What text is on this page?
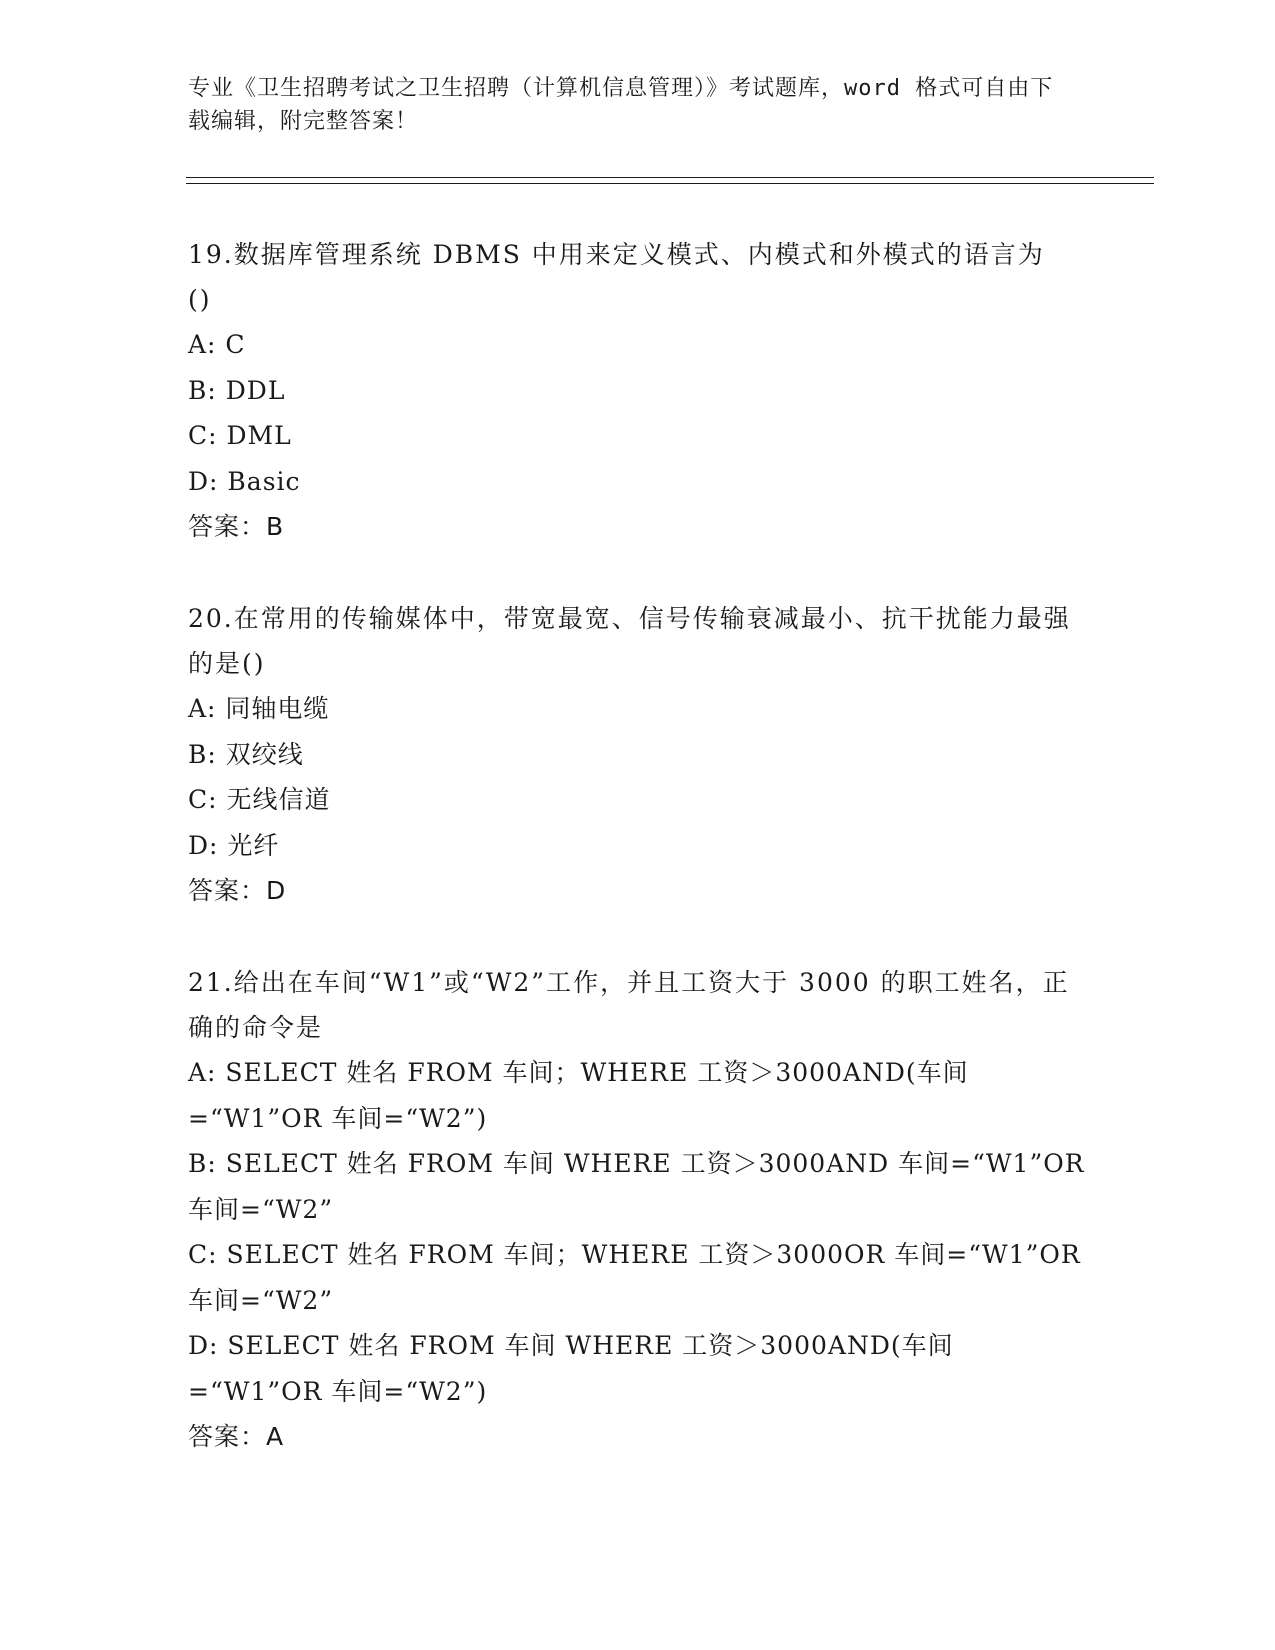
专业《卫生招聘考试之卫生招聘（计算机信息管理）》考试题库，word 格式可自由下载编辑，附完整答案！

19.数据库管理系统 DBMS 中用来定义模式、内模式和外模式的语言为()

A: C

B: DDL

C: DML

D: Basic

答案：B

20.在常用的传输媒体中，带宽最宽、信号传输衰减最小、抗干扰能力最强的是()

A: 同轴电缆

B: 双绞线

C: 无线信道

D: 光纤

答案：D

21.给出在车间“W1”或“W2”工作，并且工资大于 3000 的职工姓名，正确的命令是

A: SELECT 姓名 FROM 车间；WHERE 工资＞3000AND(车间=“W1”OR 车间=“W2”)

B: SELECT 姓名 FROM 车间 WHERE 工资＞3000AND 车间=“W1”OR 车间=“W2”

C: SELECT 姓名 FROM 车间；WHERE 工资＞3000OR 车间=“W1”OR 车间=“W2”

D: SELECT 姓名 FROM 车间 WHERE 工资＞3000AND(车间=“W1”OR 车间=“W2”)

答案：A
